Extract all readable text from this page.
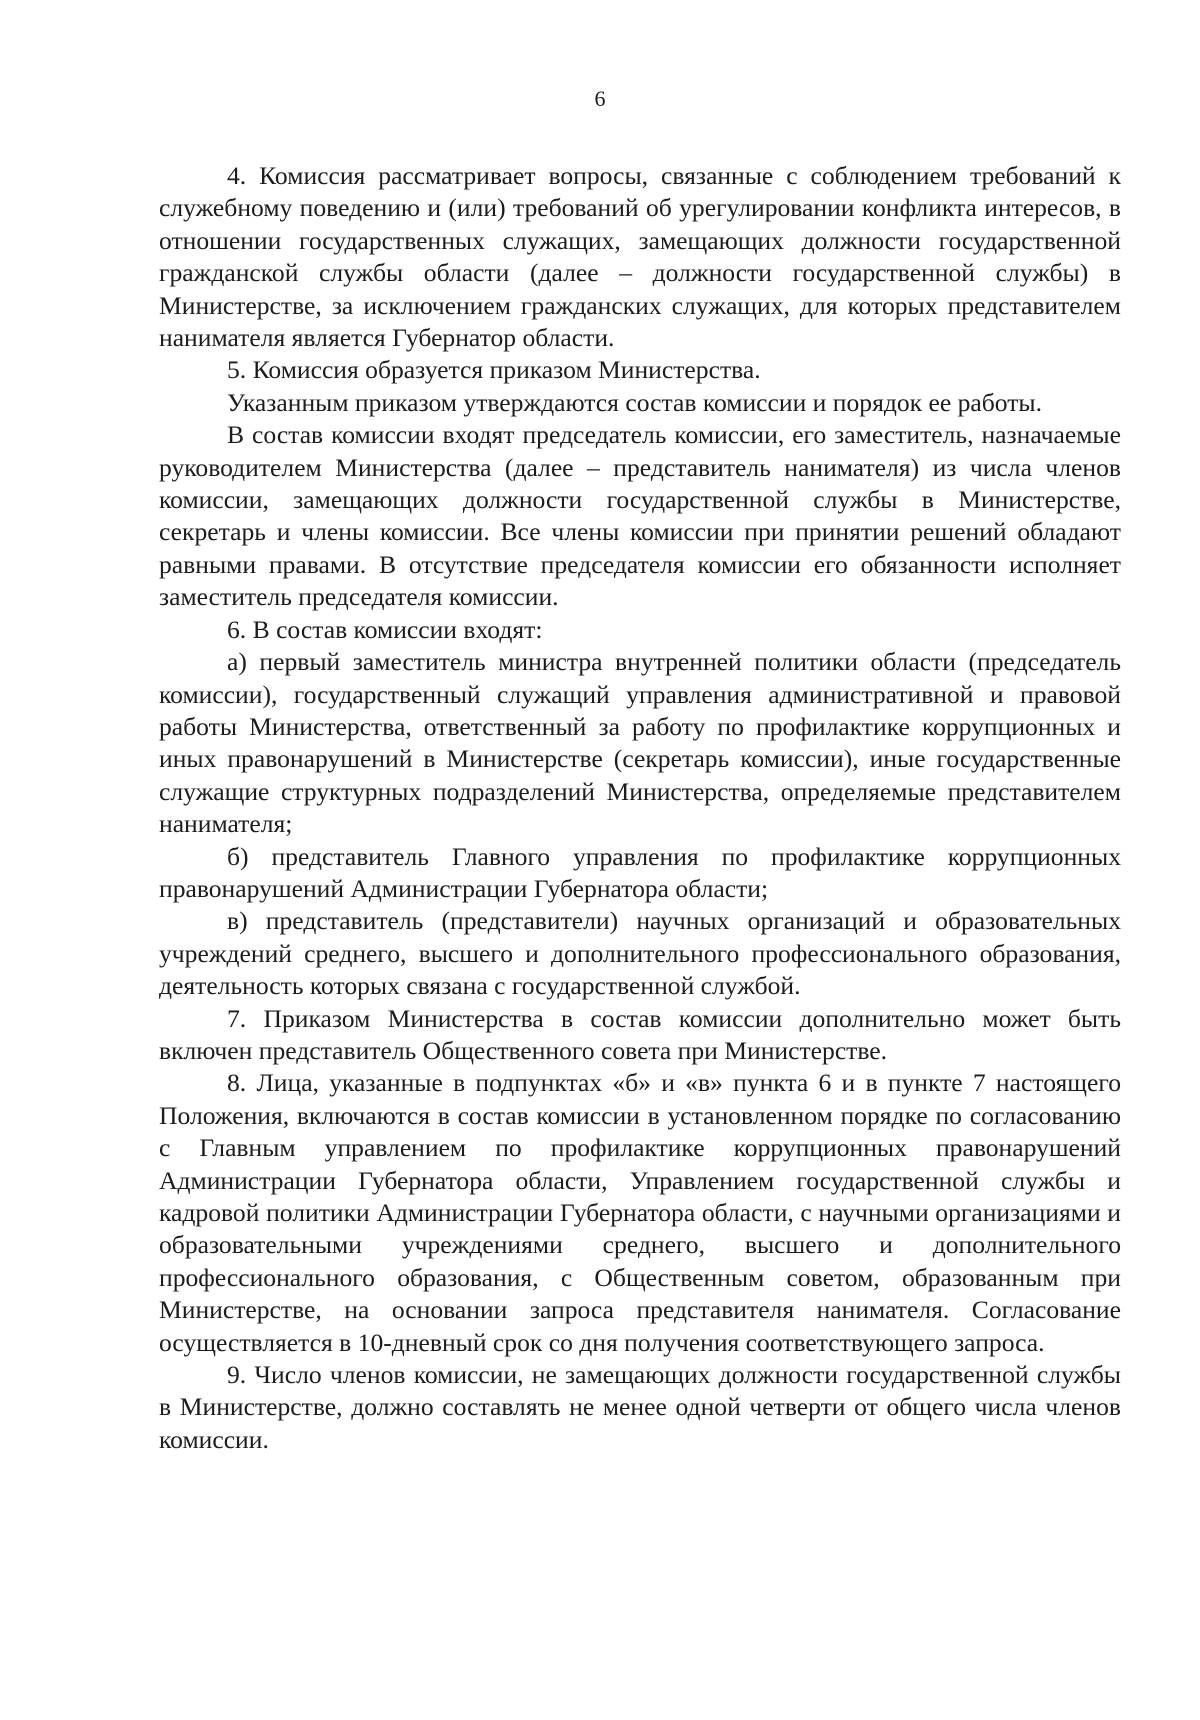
6

4. Комиссия рассматривает вопросы, связанные с соблюдением требований к служебному поведению и (или) требований об урегулировании конфликта интересов, в отношении государственных служащих, замещающих должности государственной гражданской службы области (далее – должности государственной службы) в Министерстве, за исключением гражданских служащих, для которых представителем нанимателя является Губернатор области.

5. Комиссия образуется приказом Министерства.

Указанным приказом утверждаются состав комиссии и порядок ее работы.

В состав комиссии входят председатель комиссии, его заместитель, назначаемые руководителем Министерства (далее – представитель нанимателя) из числа членов комиссии, замещающих должности государственной службы в Министерстве, секретарь и члены комиссии. Все члены комиссии при принятии решений обладают равными правами. В отсутствие председателя комиссии его обязанности исполняет заместитель председателя комиссии.

6. В состав комиссии входят:

а) первый заместитель министра внутренней политики области (председатель комиссии), государственный служащий управления административной и правовой работы Министерства, ответственный за работу по профилактике коррупционных и иных правонарушений в Министерстве (секретарь комиссии), иные государственные служащие структурных подразделений Министерства, определяемые представителем нанимателя;

б) представитель Главного управления по профилактике коррупционных правонарушений Администрации Губернатора области;

в) представитель (представители) научных организаций и образовательных учреждений среднего, высшего и дополнительного профессионального образования, деятельность которых связана с государственной службой.

7. Приказом Министерства в состав комиссии дополнительно может быть включен представитель Общественного совета при Министерстве.

8. Лица, указанные в подпунктах «б» и «в» пункта 6 и в пункте 7 настоящего Положения, включаются в состав комиссии в установленном порядке по согласованию с Главным управлением по профилактике коррупционных правонарушений Администрации Губернатора области, Управлением государственной службы и кадровой политики Администрации Губернатора области, с научными организациями и образовательными учреждениями среднего, высшего и дополнительного профессионального образования, с Общественным советом, образованным при Министерстве, на основании запроса представителя нанимателя. Согласование осуществляется в 10-дневный срок со дня получения соответствующего запроса.

9. Число членов комиссии, не замещающих должности государственной службы в Министерстве, должно составлять не менее одной четверти от общего числа членов комиссии.
